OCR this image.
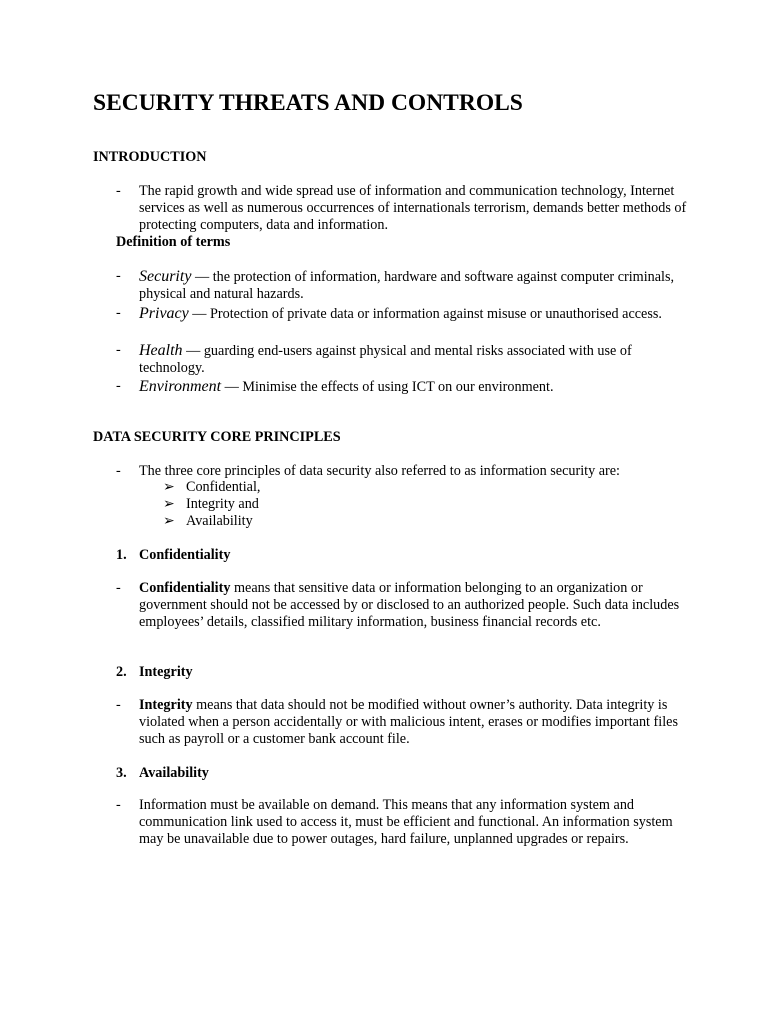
SECURITY THREATS AND CONTROLS
INTRODUCTION
- The rapid growth and wide spread use of information and communication technology, Internet services as well as numerous occurrences of internationals terrorism, demands better methods of protecting computers, data and information.
Definition of terms
- Security — the protection of information, hardware and software against computer criminals, physical and natural hazards.
- Privacy — Protection of private data or information against misuse or unauthorised access.
- Health — guarding end-users against physical and mental risks associated with use of technology.
- Environment — Minimise the effects of using ICT on our environment.
DATA SECURITY CORE PRINCIPLES
- The three core principles of data security also referred to as information security are:
➢ Confidential,
➢ Integrity and
➢ Availability
1. Confidentiality
- Confidentiality means that sensitive data or information belonging to an organization or government should not be accessed by or disclosed to an authorized people. Such data includes employees’ details, classified military information, business financial records etc.
2. Integrity
- Integrity means that data should not be modified without owner’s authority. Data integrity is violated when a person accidentally or with malicious intent, erases or modifies important files such as payroll or a customer bank account file.
3. Availability
- Information must be available on demand. This means that any information system and communication link used to access it, must be efficient and functional. An information system may be unavailable due to power outages, hard failure, unplanned upgrades or repairs.
